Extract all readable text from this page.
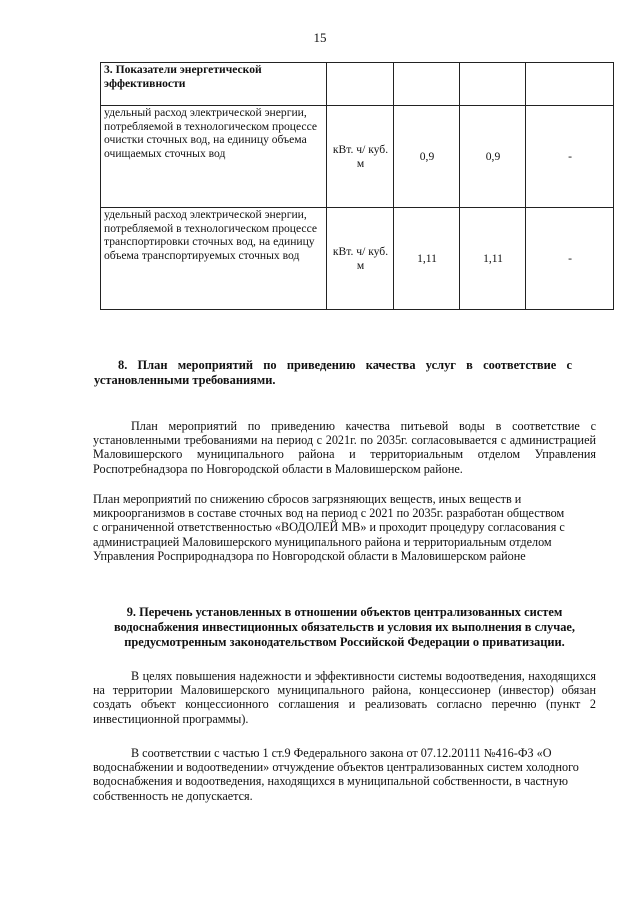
15
3. Показатели энергетической эффективности				
удельный расход электрической энергии, потребляемой в технологическом процессе очистки сточных вод, на единицу объема очищаемых сточных вод	кВт. ч/ куб. м	0,9	0,9	-
удельный расход электрической энергии, потребляемой в технологическом процессе транспортировки сточных вод, на единицу объема транспортируемых сточных вод	кВт. ч/ куб. м	1,11	1,11	-
8. План мероприятий по приведению качества услуг в соответствие с установленными требованиями.
План мероприятий по приведению качества питьевой воды в соответствие с установленными требованиями на период с 2021г. по 2035г. согласовывается с администрацией Маловишерского муниципального района и территориальным отделом Управления Роспотребнадзора по Новгородской области в Маловишерском районе.
План мероприятий по снижению сбросов загрязняющих веществ, иных веществ и микроорганизмов в составе сточных вод на период с 2021 по 2035г. разработан обществом с ограниченной ответственностью «ВОДОЛЕЙ МВ» и проходит процедуру согласования с администрацией Маловишерского муниципального района и территориальным отделом Управления Росприроднадзора по Новгородской области в Маловишерском районе
9. Перечень установленных в отношении объектов централизованных систем водоснабжения инвестиционных обязательств и условия их выполнения в случае, предусмотренным законодательством Российской Федерации о приватизации.
В целях повышения надежности и эффективности системы водоотведения, находящихся на территории Маловишерского муниципального района, концессионер (инвестор) обязан создать объект концессионного соглашения и реализовать согласно перечню (пункт 2 инвестиционной программы).
В соответствии с частью 1 ст.9 Федерального закона от 07.12.20111 №416-ФЗ «О водоснабжении и водоотведении» отчуждение объектов централизованных систем холодного водоснабжения и водоотведения, находящихся в муниципальной собственности, в частную собственность не допускается.
